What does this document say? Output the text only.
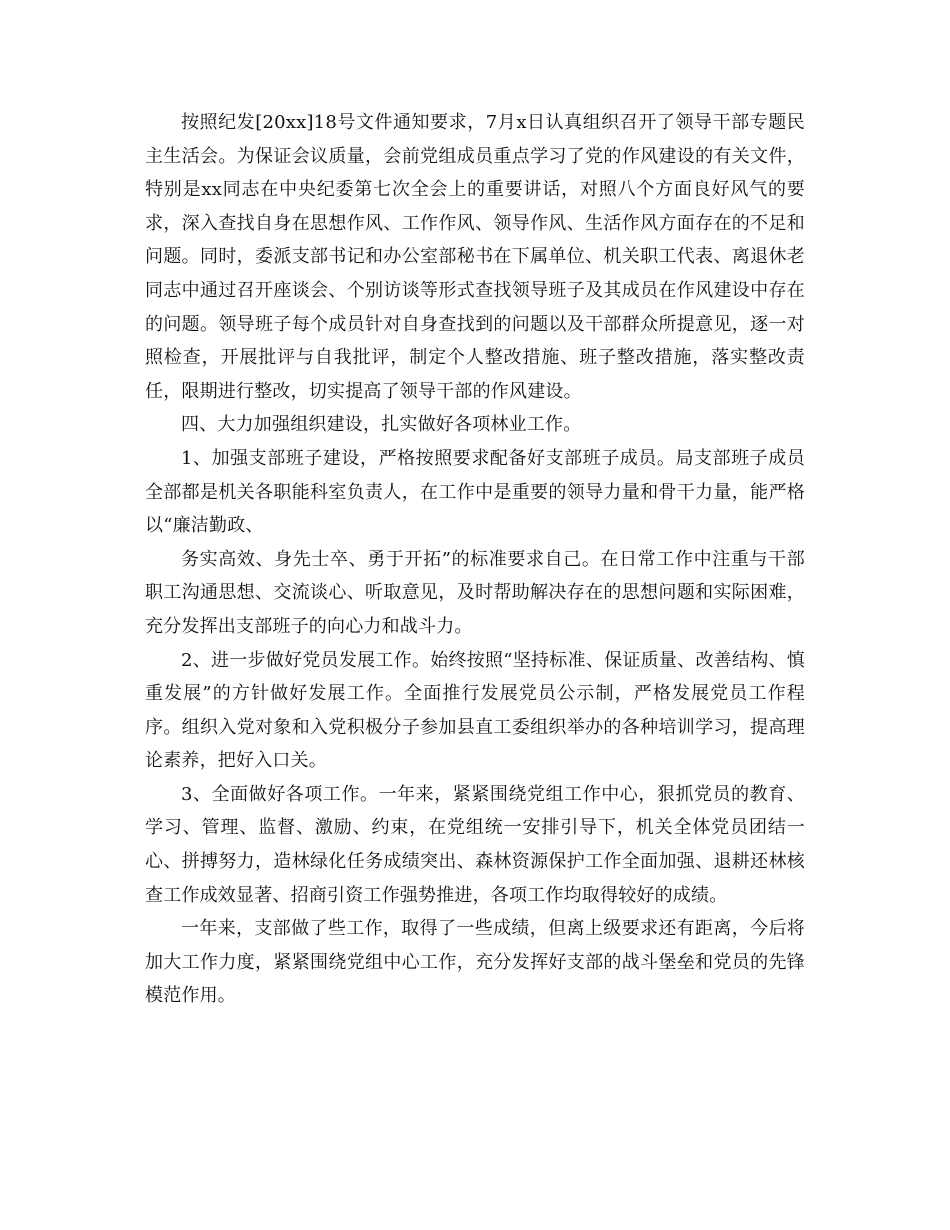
按照纪发[20xx]18号文件通知要求，7月x日认真组织召开了领导干部专题民主生活会。为保证会议质量，会前党组成员重点学习了党的作风建设的有关文件，特别是xx同志在中央纪委第七次全会上的重要讲话，对照八个方面良好风气的要求，深入查找自身在思想作风、工作作风、领导作风、生活作风方面存在的不足和问题。同时，委派支部书记和办公室部秘书在下属单位、机关职工代表、离退休老同志中通过召开座谈会、个别访谈等形式查找领导班子及其成员在作风建设中存在的问题。领导班子每个成员针对自身查找到的问题以及干部群众所提意见，逐一对照检查，开展批评与自我批评，制定个人整改措施、班子整改措施，落实整改责任，限期进行整改，切实提高了领导干部的作风建设。

四、大力加强组织建设，扎实做好各项林业工作。

1、加强支部班子建设，严格按照要求配备好支部班子成员。局支部班子成员全部都是机关各职能科室负责人，在工作中是重要的领导力量和骨干力量，能严格以“廉洁勤政、

务实高效、身先士卒、勇于开拓”的标准要求自己。在日常工作中注重与干部职工沟通思想、交流谈心、听取意见，及时帮助解决存在的思想问题和实际困难，充分发挥出支部班子的向心力和战斗力。

2、进一步做好党员发展工作。始终按照“坚持标准、保证质量、改善结构、慎重发展”的方针做好发展工作。全面推行发展党员公示制，严格发展党员工作程序。组织入党对象和入党积极分子参加县直工委组织举办的各种培训学习，提高理论素养，把好入口关。

3、全面做好各项工作。一年来，紧紧围绕党组工作中心，狠抓党员的教育、学习、管理、监督、激励、约束，在党组统一安排引导下，机关全体党员团结一心、拼搏努力，造林绿化任务成绩突出、森林资源保护工作全面加强、退耕还林核查工作成效显著、招商引资工作强势推进，各项工作均取得较好的成绩。

一年来，支部做了些工作，取得了一些成绩，但离上级要求还有距离，今后将加大工作力度，紧紧围绕党组中心工作，充分发挥好支部的战斗堡垒和党员的先锋模范作用。
